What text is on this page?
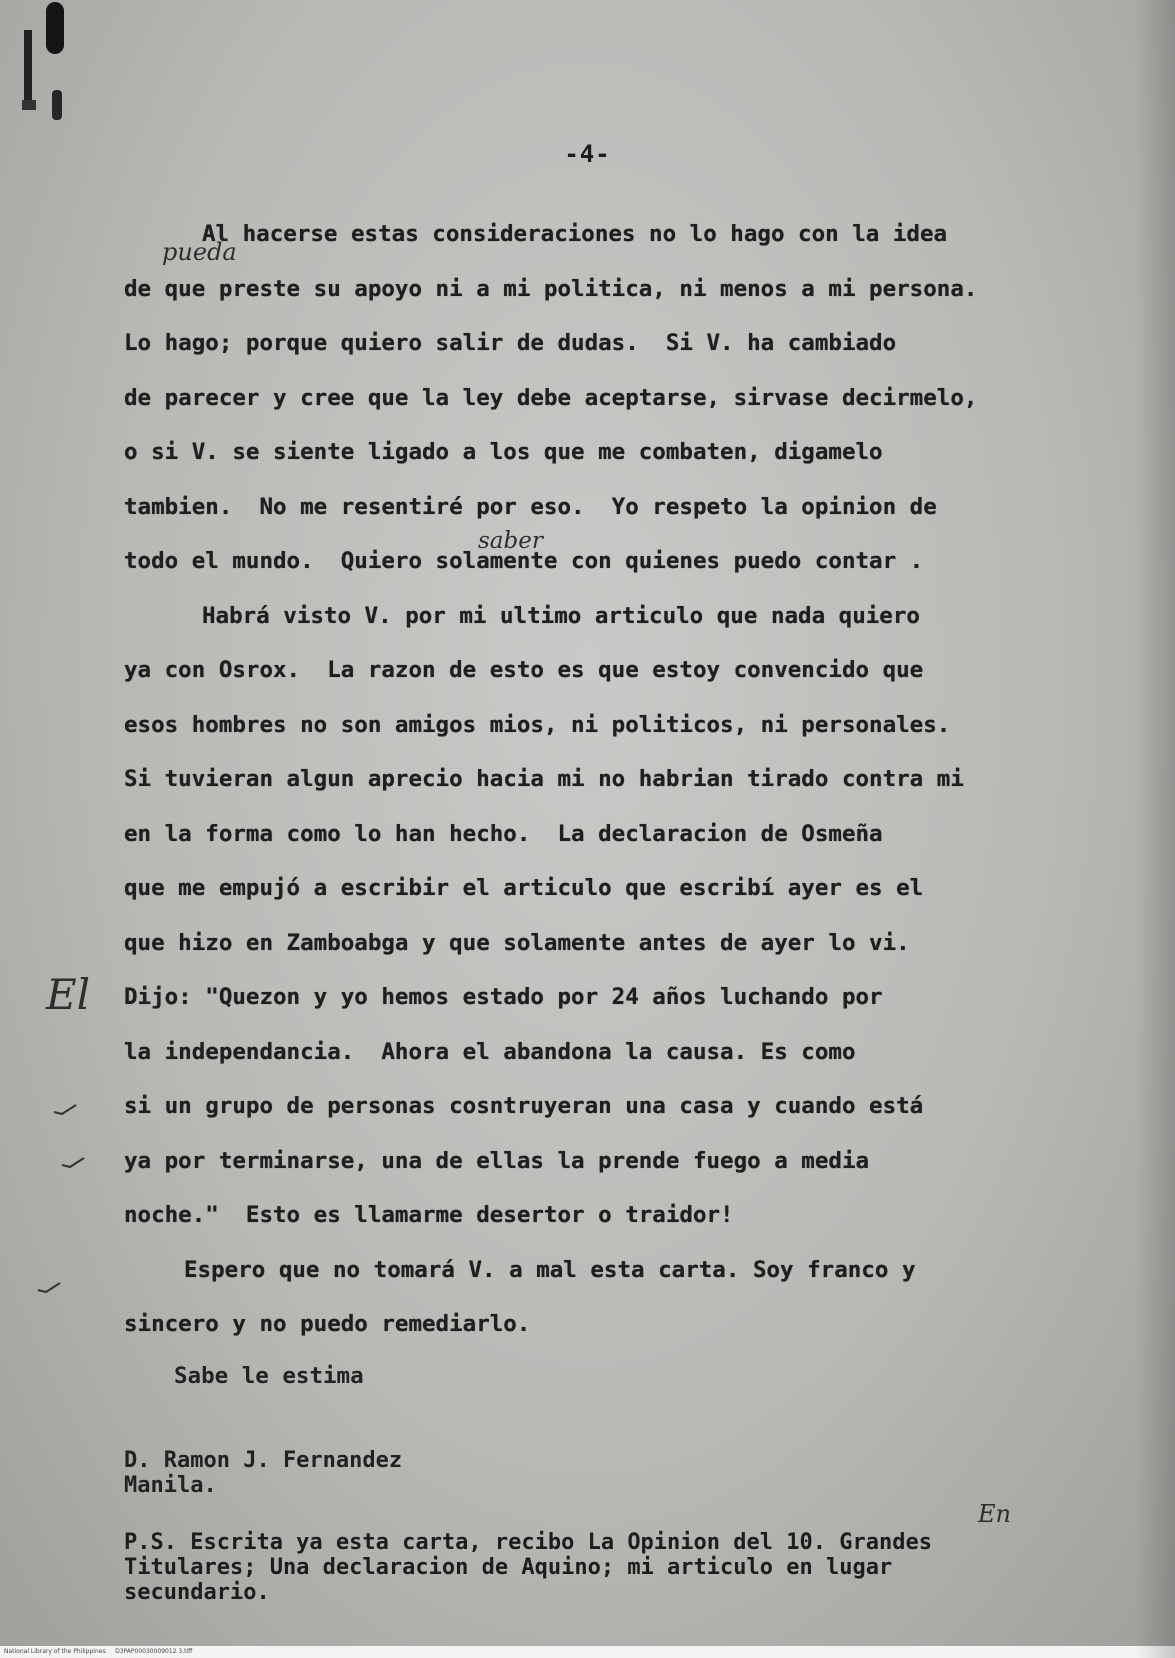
-4-
Al hacerse estas consideraciones no lo hago con la idea
de que preste su apoyo ni a mi politica, ni menos a mi persona.
Lo hago; porque quiero salir de dudas.  Si V. ha cambiado
de parecer y cree que la ley debe aceptarse, sirvase decirmelo,
o si V. se siente ligado a los que me combaten, digamelo
tambien.  No me resentiré por eso.  Yo respeto la opinion de
todo el mundo.  Quiero solamente con quienes puedo contar .
Habrá visto V. por mi ultimo articulo que nada quiero
ya con Osrox.  La razon de esto es que estoy convencido que
esos hombres no son amigos mios, ni politicos, ni personales.
Si tuvieran algun aprecio hacia mi no habrian tirado contra mi
en la forma como lo han hecho.  La declaracion de Osmeña
que me empujó a escribir el articulo que escribí ayer es el
que hizo en Zamboabga y que solamente antes de ayer lo vi.
Dijo: "Quezon y yo hemos estado por 24 años luchando por
la independancia.  Ahora el abandona la causa. Es como
si un grupo de personas cosntruyeran una casa y cuando está
ya por terminarse, una de ellas la prende fuego a media
noche."  Esto es llamarme desertor o traidor!
Espero que no tomará V. a mal esta carta. Soy franco y
sincero y no puedo remediarlo.
Sabe le estima
D. Ramon J. Fernandez
Manila.
P.S. Escrita ya esta carta, recibo La Opinion del 10. Grandes
Titulares; Una declaracion de Aquino; mi articulo en lugar
secundario.
pueda
saber
El
En
National Library of the Philippines     D3PAP00030009012 3.tiff
